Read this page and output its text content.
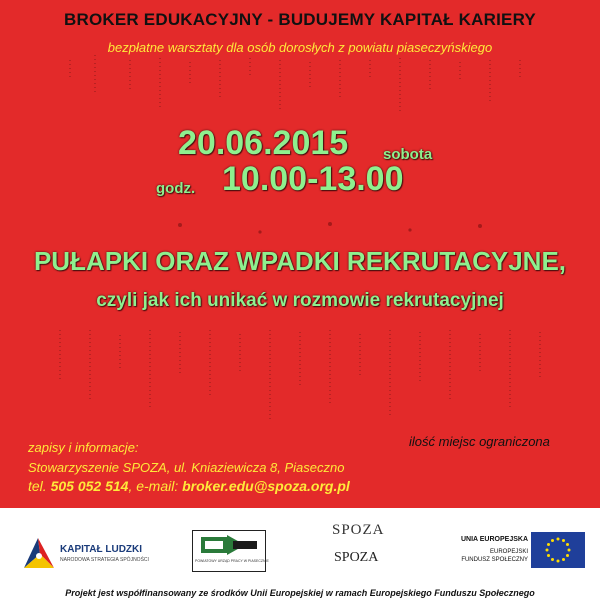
BROKER EDUKACYJNY - BUDUJEMY KAPITAŁ KARIERY
bezpłatne warsztaty dla osób dorosłych z powiatu piaseczyńskiego
20.06.2015 sobota
godz. 10.00-13.00
PUŁAPKI ORAZ WPADKI REKRUTACYJNE,
czyli jak ich unikać w rozmowie rekrutacyjnej
zapisy i informacje:
Stowarzyszenie SPOZA, ul. Kniaziewicza 8, Piaseczno
tel. 505 052 514, e-mail: broker.edu@spoza.org.pl
ilość miejsc ograniczona
KAPITAŁ LUDZKI
NARODOWA STRATEGIA SPÓJNOŚCI	POWIATOWY URZĄD PRACY W PIASECZNIE
SPOZA
SPOZA
UNIA EUROPEJSKA
EUROPEJSKI
FUNDUSZ SPOŁECZNY
Projekt jest współfinansowany ze środków Unii Europejskiej w ramach Europejskiego Funduszu Społecznego
